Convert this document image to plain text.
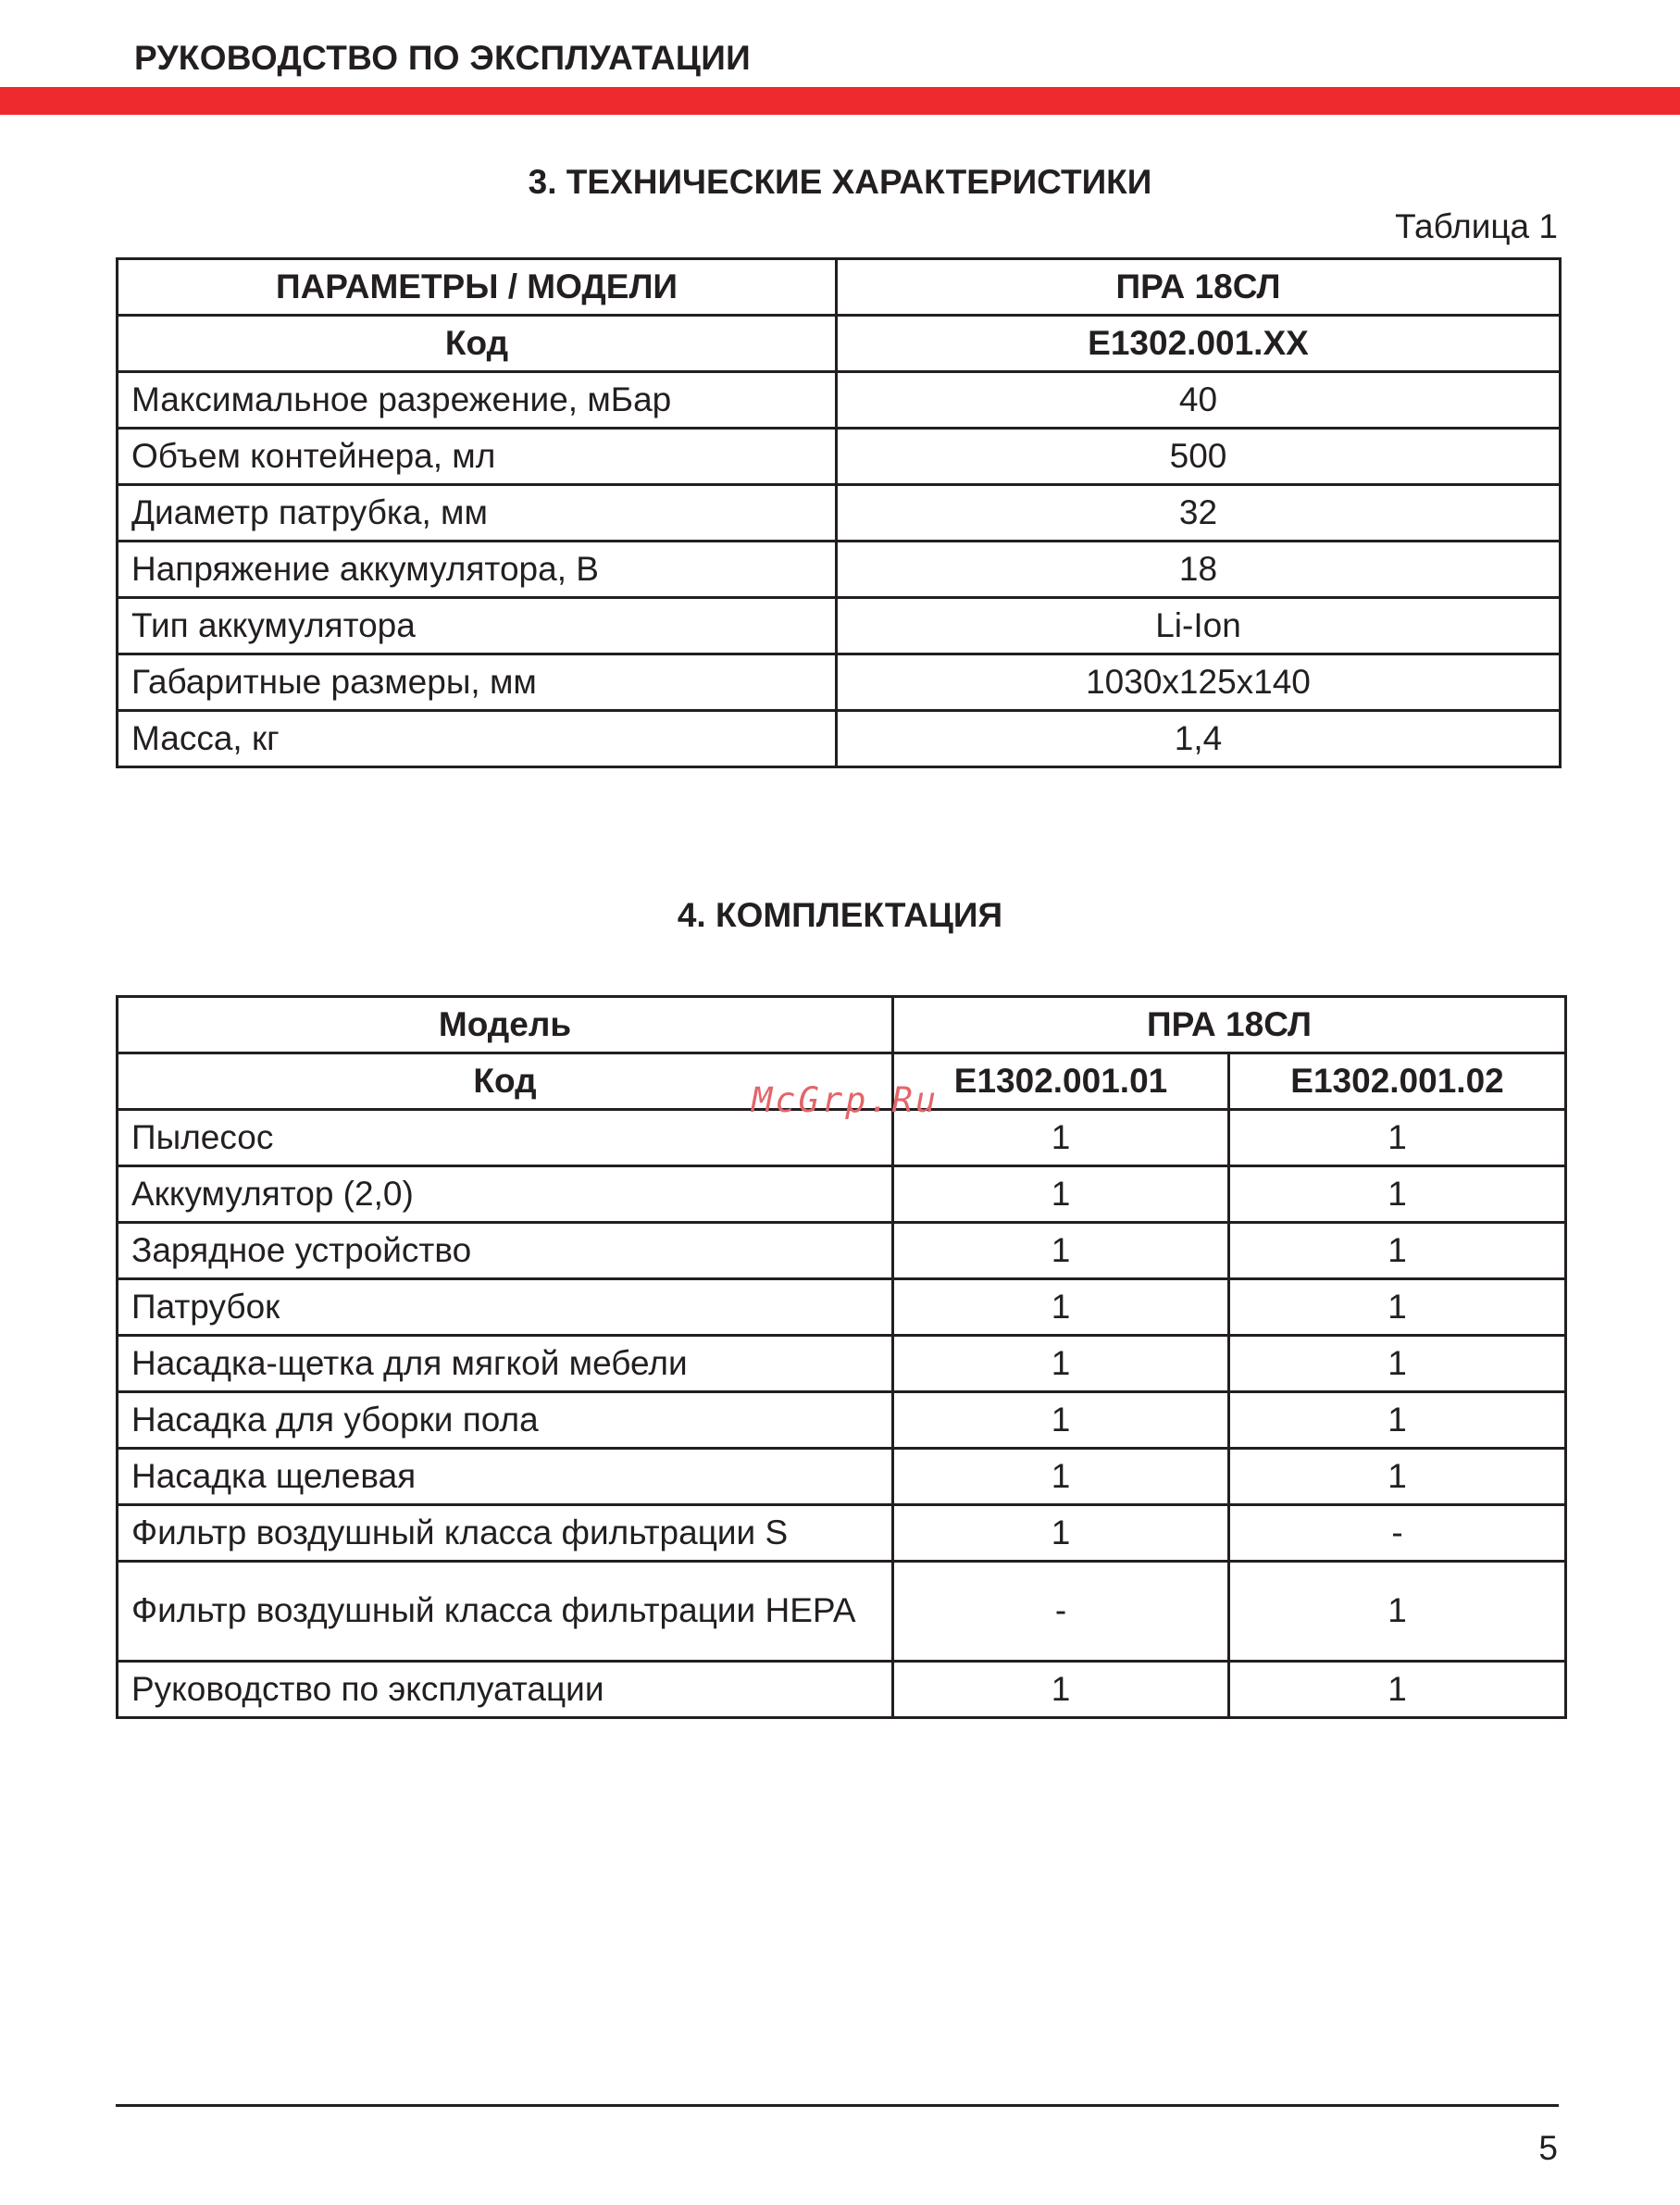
РУКОВОДСТВО ПО ЭКСПЛУАТАЦИИ
3. ТЕХНИЧЕСКИЕ ХАРАКТЕРИСТИКИ
Таблица 1
ПАРАМЕТРЫ / МОДЕЛИ	ПРА 18СЛ
Код	E1302.001.XX
Максимальное разрежение, мБар	40
Объем контейнера, мл	500
Диаметр патрубка, мм	32
Напряжение аккумулятора, В	18
Тип аккумулятора	Li-Ion
Габаритные размеры, мм	1030x125x140
Масса, кг	1,4
4. КОМПЛЕКТАЦИЯ
Модель	ПРА 18СЛ	
Код	E1302.001.01	E1302.001.02
Пылесос	1	1
Аккумулятор (2,0)	1	1
Зарядное устройство	1	1
Патрубок	1	1
Насадка-щетка для мягкой мебели	1	1
Насадка для уборки пола	1	1
Насадка щелевая	1	1
Фильтр воздушный класса фильтрации S	1	-
Фильтр воздушный класса фильтрации HEPA	-	1
Руководство по эксплуатации	1	1
McGrp.Ru
5
